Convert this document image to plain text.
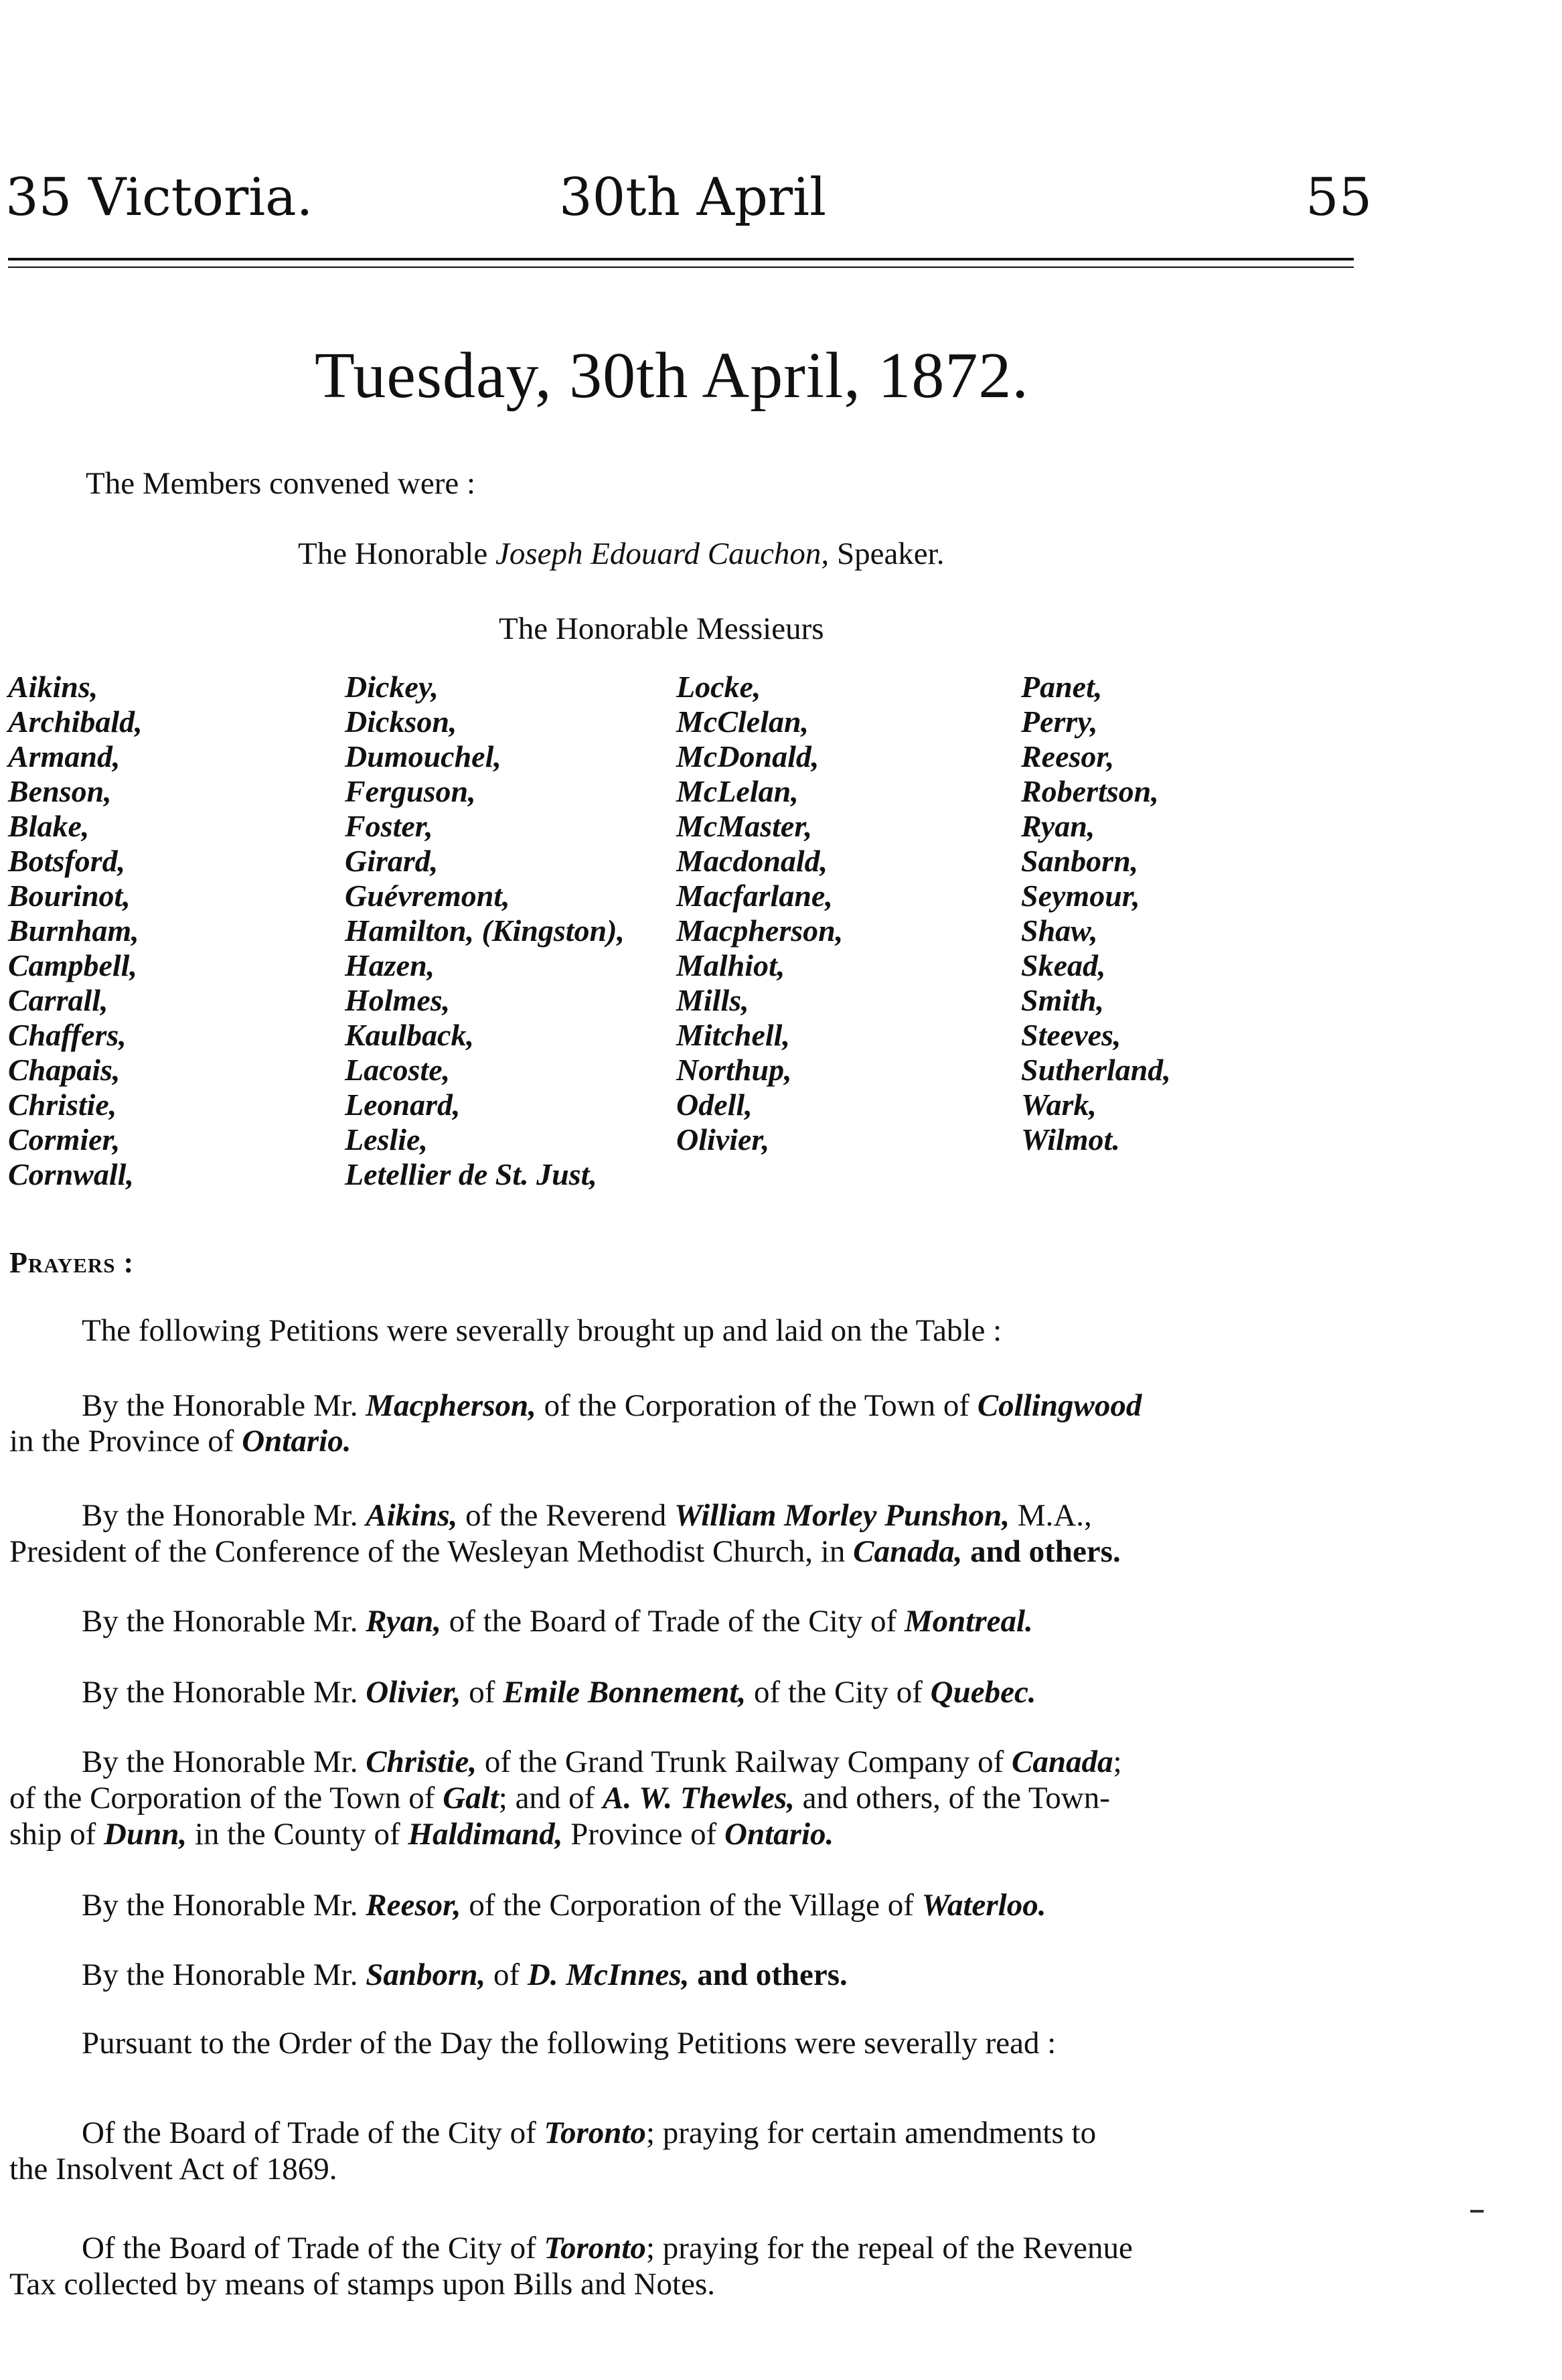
35 Victoria.	30th April	55
Tuesday, 30th April, 1872.
The Members convened were :
The Honorable Joseph Edouard Cauchon, Speaker.
The Honorable Messieurs
Aikins,
Archibald,
Armand,
Benson,
Blake,
Botsford,
Bourinot,
Burnham,
Campbell,
Carrall,
Chaffers,
Chapais,
Christie,
Cormier,
Cornwall,
Dickey,
Dickson,
Dumouchel,
Ferguson,
Foster,
Girard,
Guévremont,
Hamilton, (Kingston),
Hazen,
Holmes,
Kaulback,
Lacoste,
Leonard,
Leslie,
Letellier de St. Just,
Locke,
McClelan,
McDonald,
McLelan,
McMaster,
Macdonald,
Macfarlane,
Macpherson,
Malhiot,
Mills,
Mitchell,
Northup,
Odell,
Olivier,
Panet,
Perry,
Reesor,
Robertson,
Ryan,
Sanborn,
Seymour,
Shaw,
Skead,
Smith,
Steeves,
Sutherland,
Wark,
Wilmot.
Prayers :
The following Petitions were severally brought up and laid on the Table :
By the Honorable Mr. Macpherson, of the Corporation of the Town of Collingwood
in the Province of Ontario.
By the Honorable Mr. Aikins, of the Reverend William Morley Punshon, M.A.,
President of the Conference of the Wesleyan Methodist Church, in Canada, and others.
By the Honorable Mr. Ryan, of the Board of Trade of the City of Montreal.
By the Honorable Mr. Olivier, of Emile Bonnement, of the City of Quebec.
By the Honorable Mr. Christie, of the Grand Trunk Railway Company of Canada;
of the Corporation of the Town of Galt; and of A. W. Thewles, and others, of the Town-
ship of Dunn, in the County of Haldimand, Province of Ontario.
By the Honorable Mr. Reesor, of the Corporation of the Village of Waterloo.
By the Honorable Mr. Sanborn, of D. McInnes, and others.
Pursuant to the Order of the Day the following Petitions were severally read :
Of the Board of Trade of the City of Toronto; praying for certain amendments to
the Insolvent Act of 1869.
Of the Board of Trade of the City of Toronto; praying for the repeal of the Revenue
Tax collected by means of stamps upon Bills and Notes.
